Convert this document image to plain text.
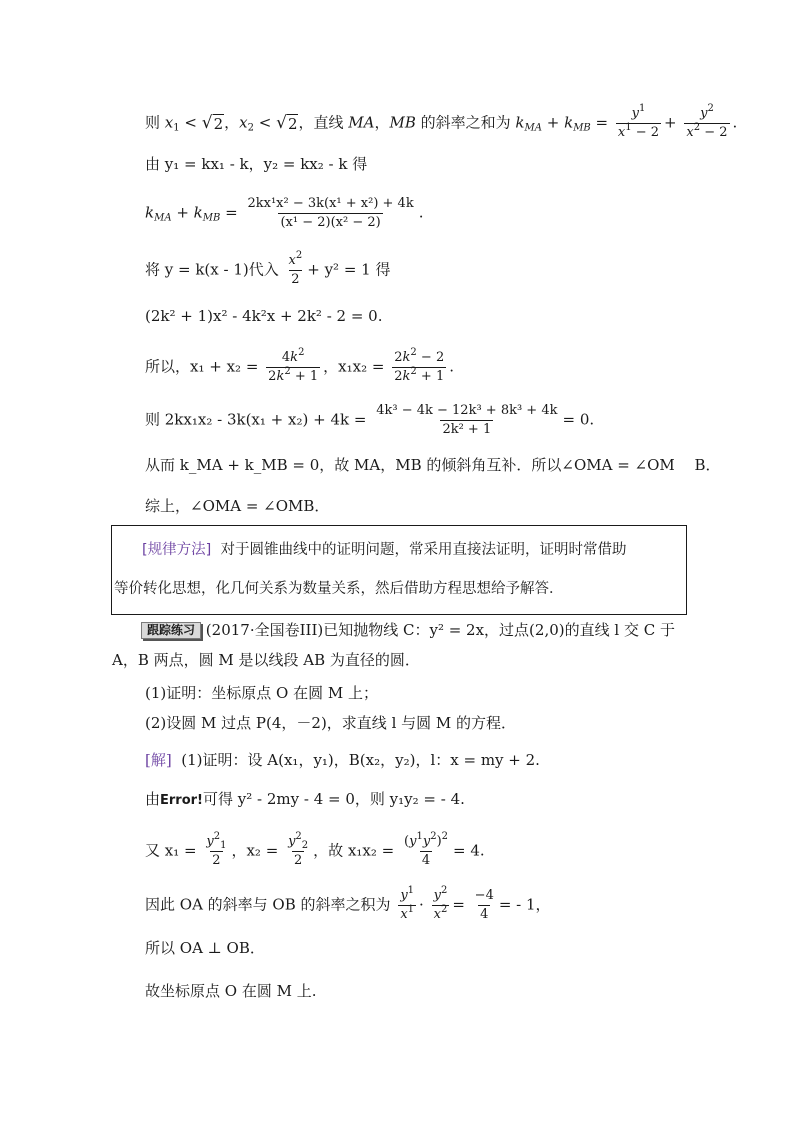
则 $x_1$ < √ 2 ，$x_2$ < √ 2 ，直线 MA，MB 的斜率之和为 $k_{MA} + k_{MB} = \frac{y^1}{x^1 - 2} + \frac{y^2}{x^2 - 2}$ .
由 y₁ = kx₁ - k，y₂ = kx₂ - k 得
$k_{MA} + k_{MB} = \frac{\text{2kx¹x² − 3k(x¹ + x²) + 4k}}{\text{(x¹ − 2)(x² − 2)}}$ .
将 y = k(x - 1)代入 $\frac{x^2}{2} + y^2 = 1$ 得
(2k² + 1)x² - 4k²x + 2k² - 2 = 0.
所以，$x_1 + x_2 = \frac{4k^2}{2k^2 + 1}$ ，$x_1x_2 = \frac{2k^2 - 2}{2k^2 + 1}$ .
则 $2kx_1x_2 - 3k(x_1 + x_2) + 4k = \frac{\text{4k³ − 4k − 12k³ + 8k³ + 4k}}{\text{2k² + 1}} = 0$.
从而 k_MA + k_MB = 0，故 MA，MB 的倾斜角互补．所以∠OMA = ∠OM　 B．
综上，∠OMA = ∠OMB．
[规律方法] 对于圆锥曲线中的证明问题，常采用直接法证明，证明时常借助
等价转化思想，化几何关系为数量关系，然后借助方程思想给予解答．
跟踪练习 (2017·全国卷III)已知抛物线 C：y² = 2x，过点(2,0)的直线 l 交 C 于
A，B 两点，圆 M 是以线段 AB 为直径的圆．
(1)证明：坐标原点 O 在圆 M 上；
(2)设圆 M 过点 P(4，－2)，求直线 l 与圆 M 的方程．
[解] (1)证明：设 A(x₁，y₁)，B(x₂，y₂)，l：x = my + 2.
由Error!可得 y² - 2my - 4 = 0，则 y₁y₂ = - 4.
又 $x_1 = \frac{y^2_1}{2}$ ，$x_2 = \frac{y^2_2}{2}$ ，故 $x_1x_2 = \frac{(y^1y^2)^2}{4} = 4$.
因此 OA 的斜率与 OB 的斜率之积为 $\frac{y^1}{x^1} \cdot \frac{y^2}{x^2} = \frac{-4}{4}$ = - 1，
所以 OA ⊥ OB．
故坐标原点 O 在圆 M 上.
